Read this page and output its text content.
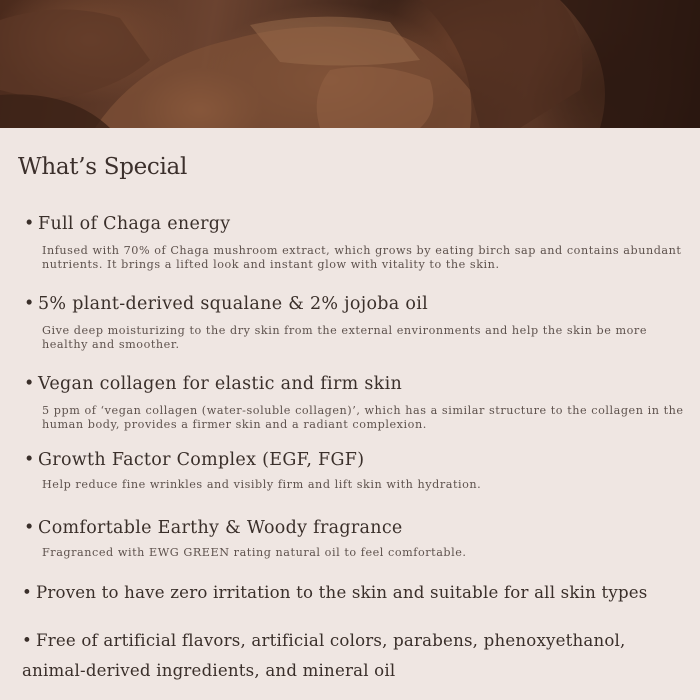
What’s Special
• Full of Chaga energy
Infused with 70% of Chaga mushroom extract, which grows by eating birch sap and contains abundant nutrients. It brings a lifted look and instant glow with vitality to the skin.
• 5% plant-derived squalane & 2% jojoba oil
Give deep moisturizing to the dry skin from the external environments and help the skin be more healthy and smoother.
• Vegan collagen for elastic and firm skin
5 ppm of ‘vegan collagen (water-soluble collagen)’, which has a similar structure to the collagen in the human body, provides a firmer skin and a radiant complexion.
• Growth Factor Complex (EGF, FGF)
Help reduce fine wrinkles and visibly firm and lift skin with hydration.
• Comfortable Earthy & Woody fragrance
Fragranced with EWG GREEN rating natural oil to feel comfortable.
• Proven to have zero irritation to the skin and suitable for all skin types
• Free of artificial flavors, artificial colors, parabens, phenoxyethanol, animal-derived ingredients, and mineral oil
